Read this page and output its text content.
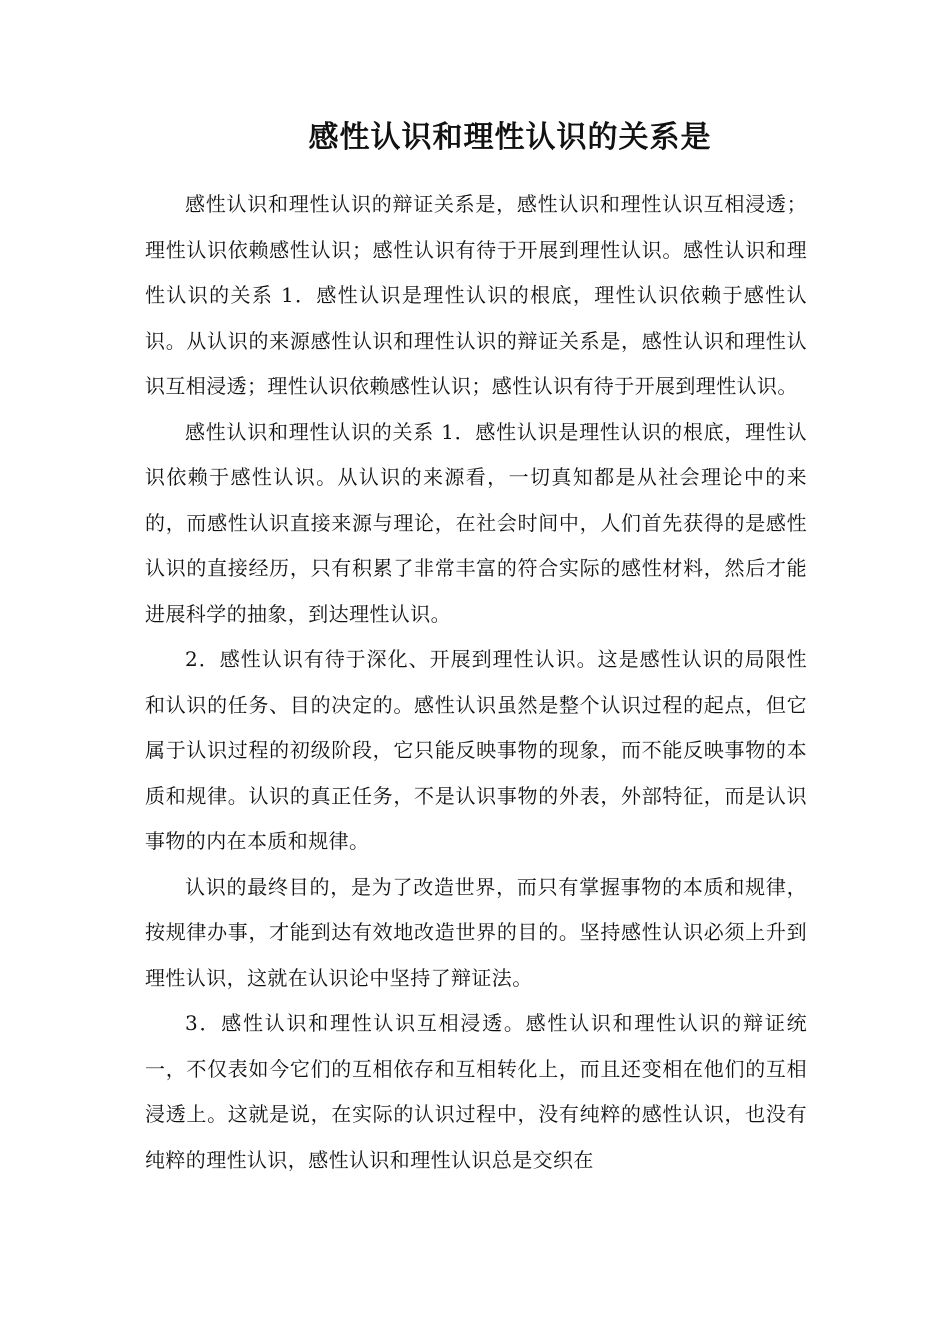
感性认识和理性认识的关系是

感性认识和理性认识的辩证关系是，感性认识和理性认识互相浸透；理性认识依赖感性认识；感性认识有待于开展到理性认识。感性认识和理性认识的关系 1．感性认识是理性认识的根底，理性认识依赖于感性认识。从认识的来源感性认识和理性认识的辩证关系是，感性认识和理性认识互相浸透；理性认识依赖感性认识；感性认识有待于开展到理性认识。

感性认识和理性认识的关系 1．感性认识是理性认识的根底，理性认识依赖于感性认识。从认识的来源看，一切真知都是从社会理论中的来的，而感性认识直接来源与理论，在社会时间中，人们首先获得的是感性认识的直接经历，只有积累了非常丰富的符合实际的感性材料，然后才能进展科学的抽象，到达理性认识。

2．感性认识有待于深化、开展到理性认识。这是感性认识的局限性和认识的任务、目的决定的。感性认识虽然是整个认识过程的起点，但它属于认识过程的初级阶段，它只能反映事物的现象，而不能反映事物的本质和规律。认识的真正任务，不是认识事物的外表，外部特征，而是认识事物的内在本质和规律。

认识的最终目的，是为了改造世界，而只有掌握事物的本质和规律，按规律办事，才能到达有效地改造世界的目的。坚持感性认识必须上升到理性认识，这就在认识论中坚持了辩证法。

3．感性认识和理性认识互相浸透。感性认识和理性认识的辩证统一，不仅表如今它们的互相依存和互相转化上，而且还变相在他们的互相浸透上。这就是说，在实际的认识过程中，没有纯粹的感性认识，也没有纯粹的理性认识，感性认识和理性认识总是交织在
